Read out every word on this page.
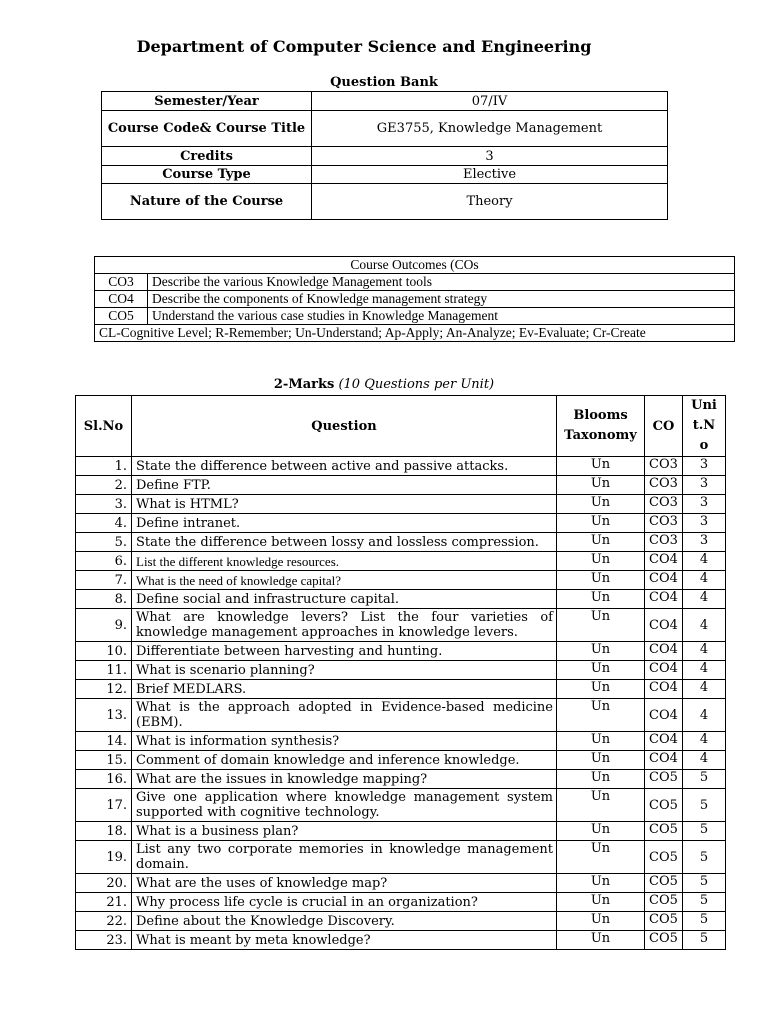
Department of Computer Science and Engineering
Question Bank
Semester/Year	07/IV
Course Code& Course Title	GE3755, Knowledge Management
Credits	3
Course Type	Elective
Nature of the Course	Theory
Course Outcomes (COs	
CO3	Describe the various Knowledge Management tools
CO4	Describe the components of Knowledge management strategy
CO5	Understand the various case studies in Knowledge Management
CL-Cognitive Level; R-Remember; Un-Understand; Ap-Apply; An-Analyze; Ev-Evaluate; Cr-Create	
2-Marks (10 Questions per Unit)
Sl.No	Question	Blooms Taxonomy	CO	Unit.No
1.	State the difference between active and passive attacks.	Un	CO3	3
2.	Define FTP.	Un	CO3	3
3.	What is HTML?	Un	CO3	3
4.	Define intranet.	Un	CO3	3
5.	State the difference between lossy and lossless compression.	Un	CO3	3
6.	List the different knowledge resources.	Un	CO4	4
7.	What is the need of knowledge capital?	Un	CO4	4
8.	Define social and infrastructure capital.	Un	CO4	4
9.	What are knowledge levers? List the four varieties of knowledge management approaches in knowledge levers.	Un	CO4	4
10.	Differentiate between harvesting and hunting.	Un	CO4	4
11.	What is scenario planning?	Un	CO4	4
12.	Brief MEDLARS.	Un	CO4	4
13.	What is the approach adopted in Evidence-based medicine (EBM).	Un	CO4	4
14.	What is information synthesis?	Un	CO4	4
15.	Comment of domain knowledge and inference knowledge.	Un	CO4	4
16.	What are the issues in knowledge mapping?	Un	CO5	5
17.	Give one application where knowledge management system supported with cognitive technology.	Un	CO5	5
18.	What is a business plan?	Un	CO5	5
19.	List any two corporate memories in knowledge management domain.	Un	CO5	5
20.	What are the uses of knowledge map?	Un	CO5	5
21.	Why process life cycle is crucial in an organization?	Un	CO5	5
22.	Define about the Knowledge Discovery.	Un	CO5	5
23.	What is meant by meta knowledge?	Un	CO5	5
